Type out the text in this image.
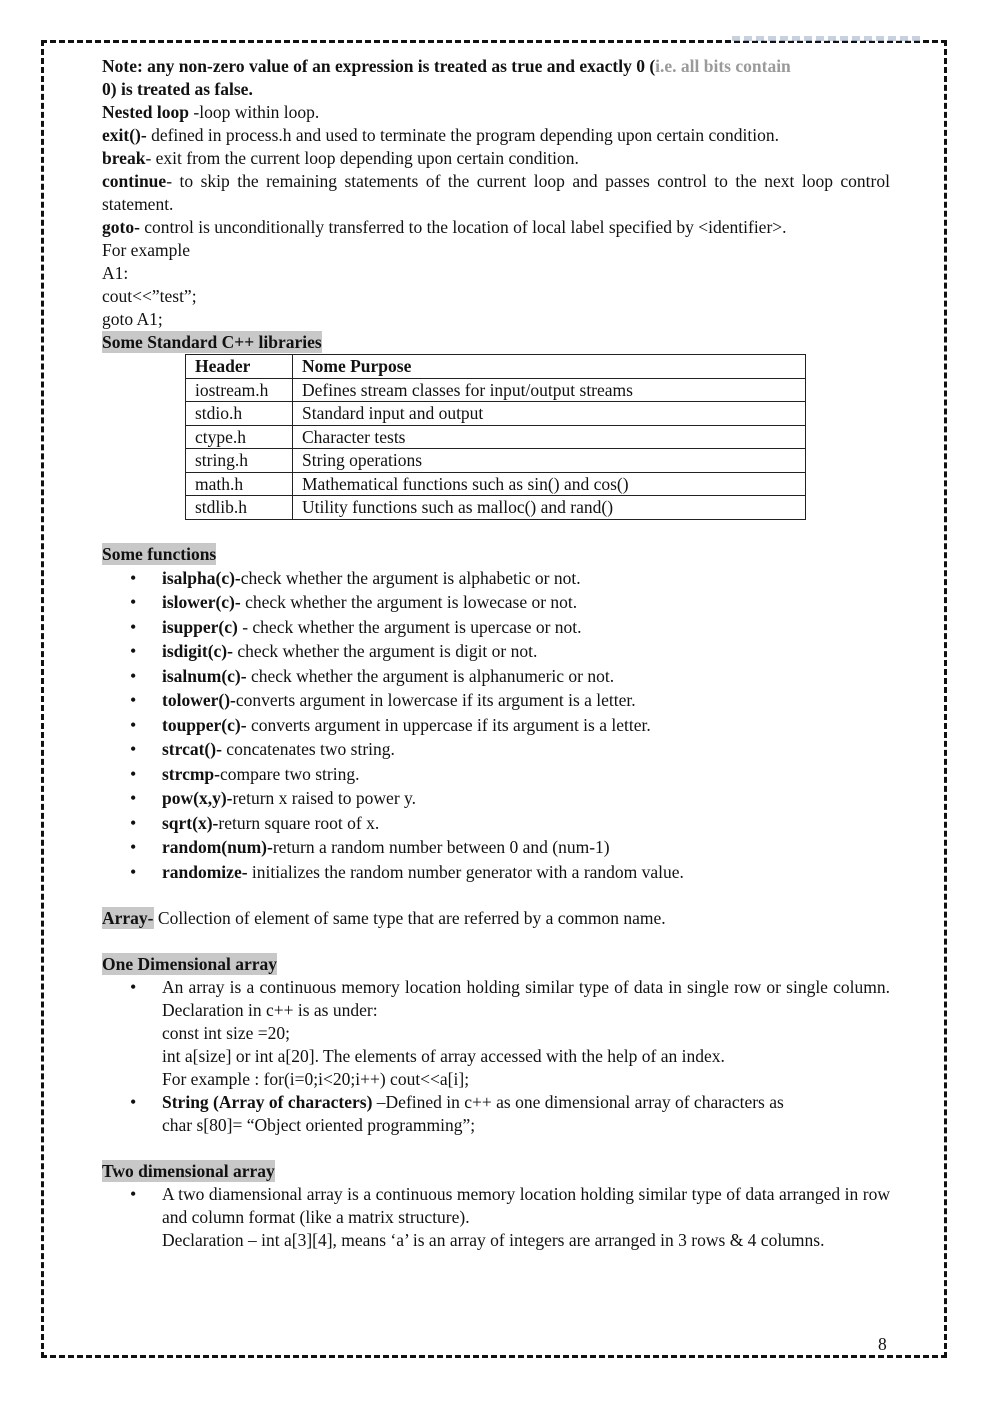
Note: any non-zero value of an expression is treated as true and exactly 0 (i.e. all bits contain

0) is treated as false.

Nested loop -loop within loop.

exit()- defined in process.h and used to terminate the program depending upon certain condition.

break- exit from the current loop depending upon certain condition.

continue- to skip the remaining statements of the current loop and passes control to the next loop control statement.

goto- control is unconditionally transferred to the location of local label specified by <identifier>.

For example

A1:

cout<<”test”;

goto A1;

Some Standard C++ libraries
Header	Nome Purpose
iostream.h	Defines stream classes for input/output streams
stdio.h	Standard input and output
ctype.h	Character tests
string.h	String operations
math.h	Mathematical functions such as sin() and cos()
stdlib.h	Utility functions such as malloc() and rand()
Some functions
• isalpha(c)-check whether the argument is alphabetic or not.
• islower(c)- check whether the argument is lowecase or not.
• isupper(c) - check whether the argument is upercase or not.
• isdigit(c)- check whether the argument is digit or not.
• isalnum(c)- check whether the argument is alphanumeric or not.
• tolower()-converts argument in lowercase if its argument is a letter.
• toupper(c)- converts argument in uppercase if its argument is a letter.
• strcat()- concatenates two string.
• strcmp-compare two string.
• pow(x,y)-return x raised to power y.
• sqrt(x)-return square root of x.
• random(num)-return a random number between 0 and (num-1)
• randomize- initializes the random number generator with a random value.

Array- Collection of element of same type that are referred by a common name.

One Dimensional array
• An array is a continuous memory location holding similar type of data in single row or single column. Declaration in c++ is as under:
const int size =20;
int a[size] or int a[20]. The elements of array accessed with the help of an index.
For example : for(i=0;i<20;i++) cout<<a[i];
• String (Array of characters) –Defined in c++ as one dimensional array of characters as
char s[80]= “Object oriented programming”;
Two dimensional array
• A two diamensional array is a continuous memory location holding similar type of data arranged in row and column format (like a matrix structure).
Declaration – int a[3][4], means ‘a’ is an array of integers are arranged in 3 rows & 4 columns.
8
